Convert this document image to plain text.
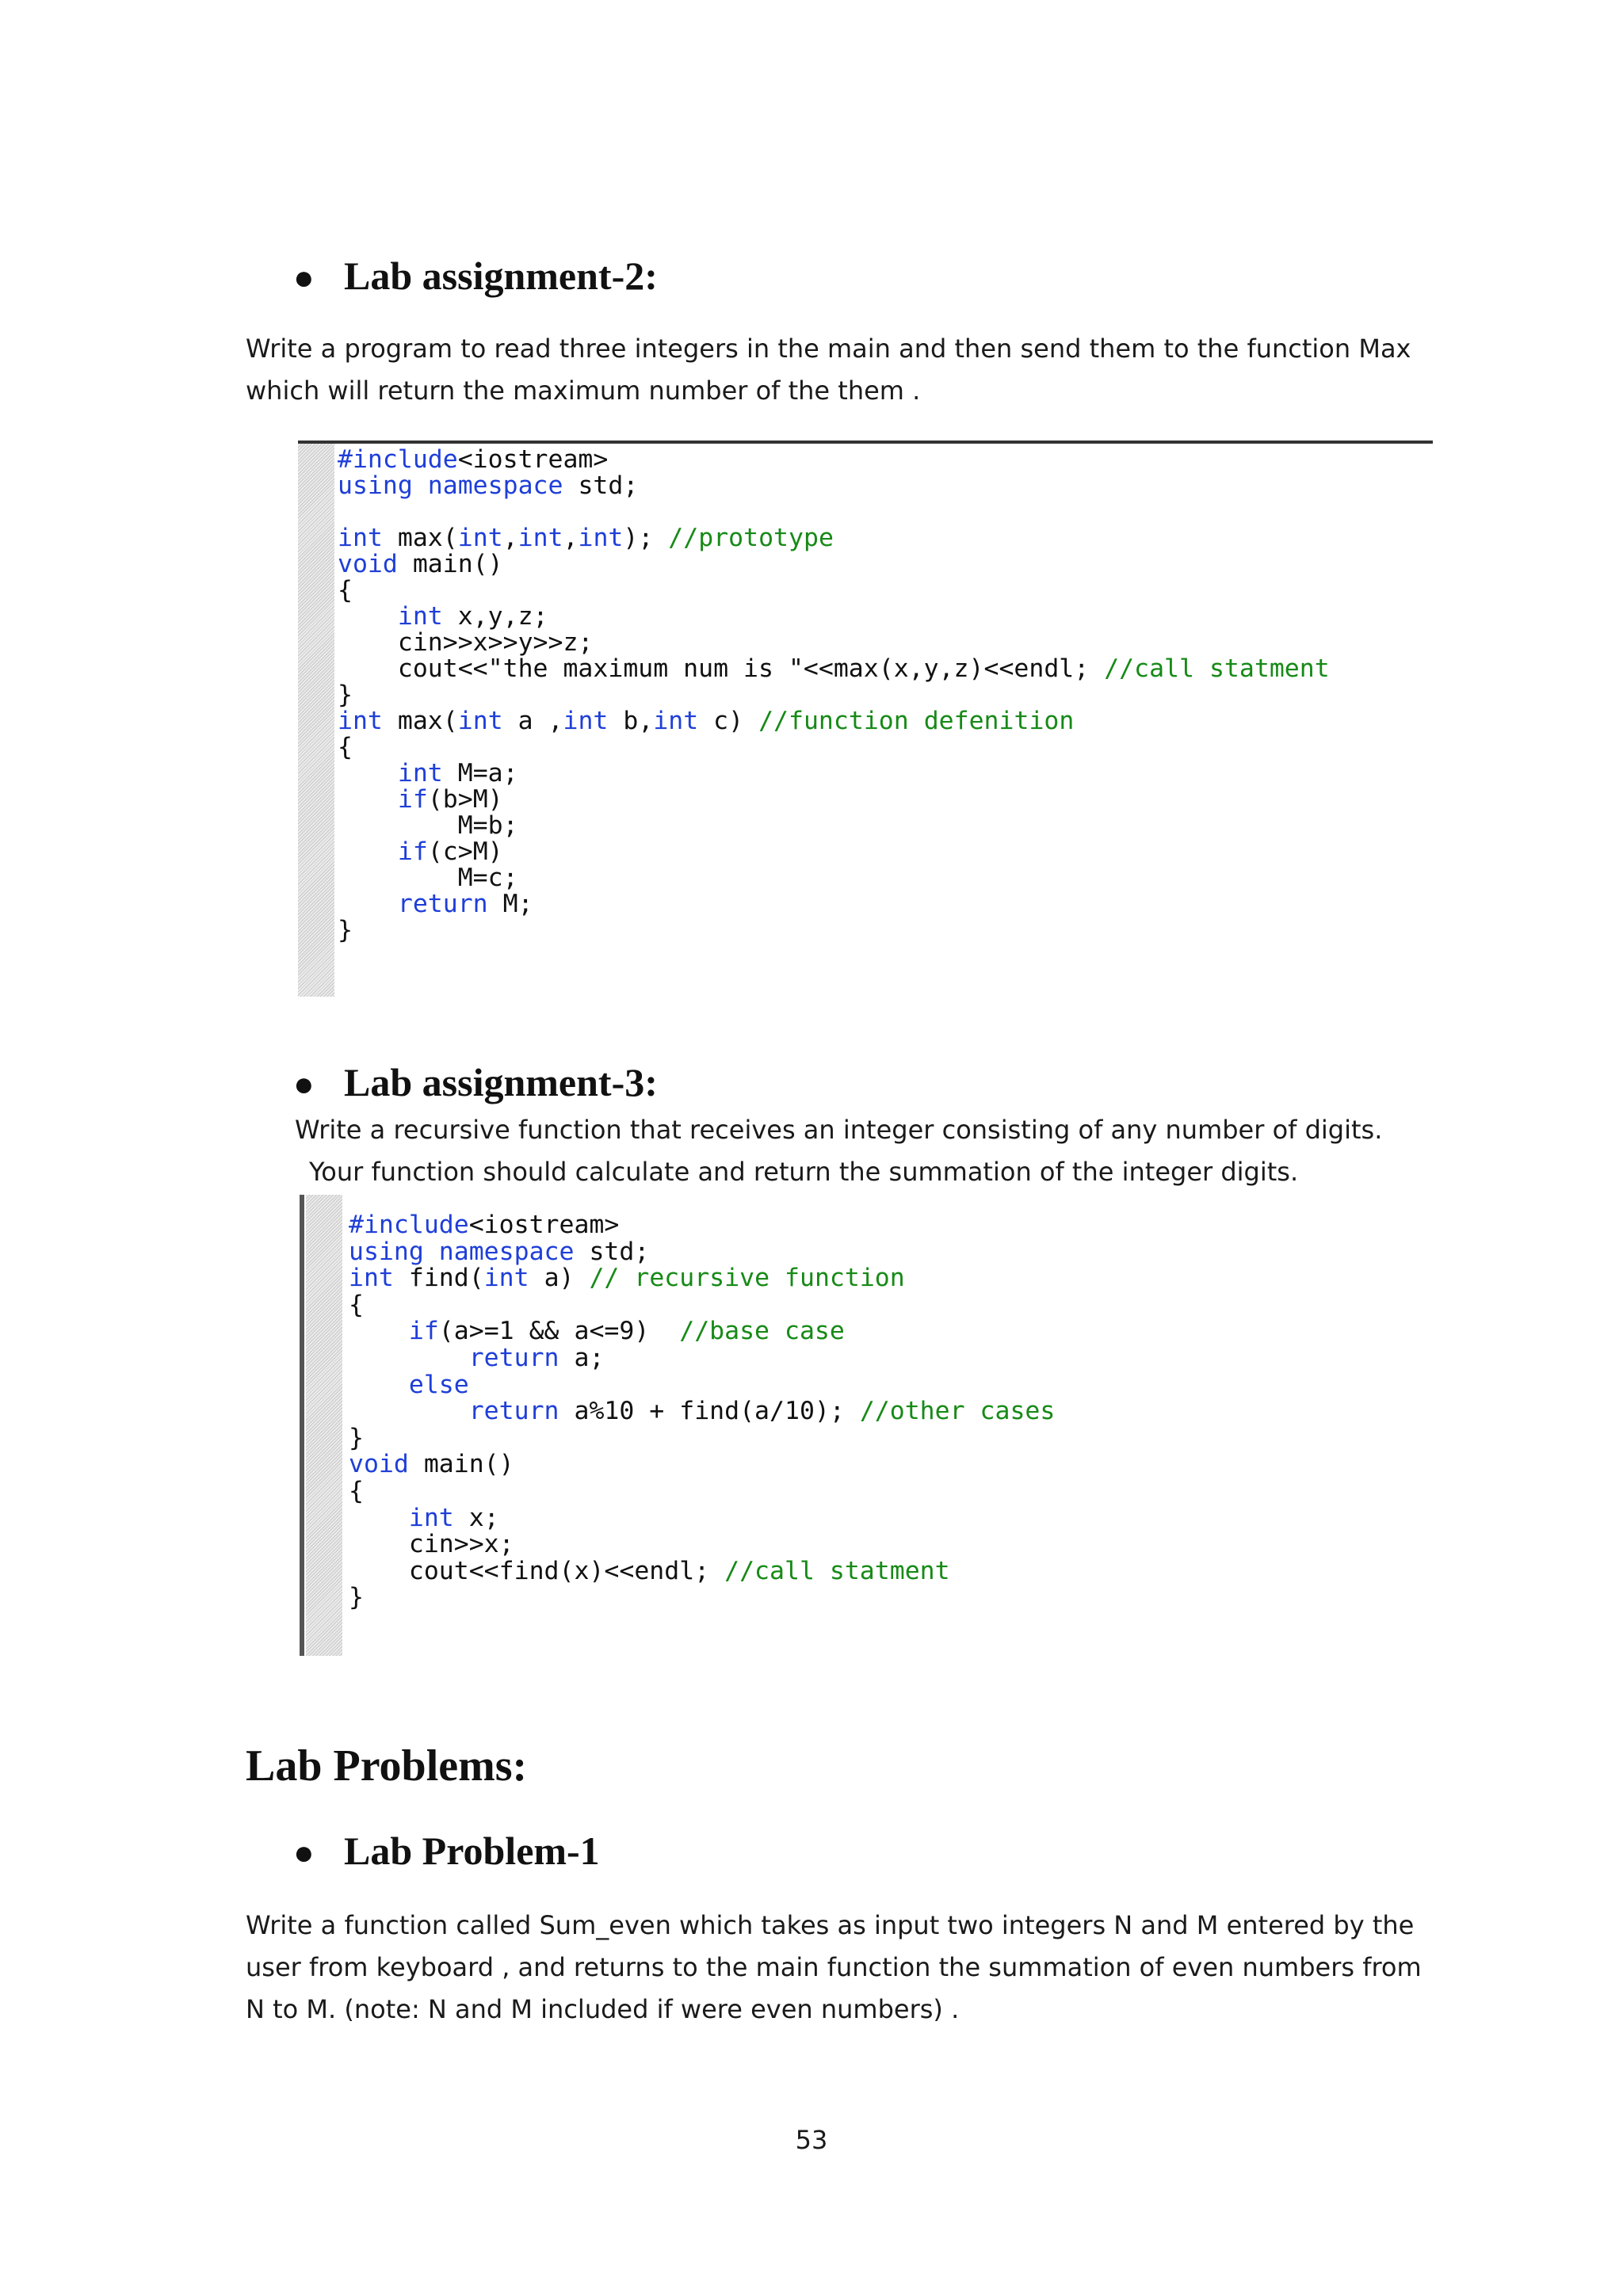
● Lab assignment-2:
Write a program to read three integers in the main and then send them to the function Max
which will return the maximum number of the them .
#include<iostream>
using namespace std;

int max(int,int,int); //prototype
void main()
{
int x,y,z;
cin>>x>>y>>z;
cout<<"the maximum num is "<<max(x,y,z)<<endl; //call statment
}
int max(int a ,int b,int c) //function defenition
{
int M=a;
if(b>M)
M=b;
if(c>M)
M=c;
return M;
}
● Lab assignment-3:
Write a recursive function that receives an integer consisting of any number of digits.
Your function should calculate and return the summation of the integer digits.
#include<iostream>
using namespace std;
int find(int a) // recursive function
{
if(a>=1 && a<=9)  //base case
return a;
else
return a%10 + find(a/10); //other cases
}
void main()
{
int x;
cin>>x;
cout<<find(x)<<endl; //call statment
}
Lab Problems:
● Lab Problem-1
Write a function called Sum_even which takes as input two integers N and M entered by the
user from keyboard , and returns to the main function the summation of even numbers from
N to M. (note: N and M included if were even numbers) .
53
